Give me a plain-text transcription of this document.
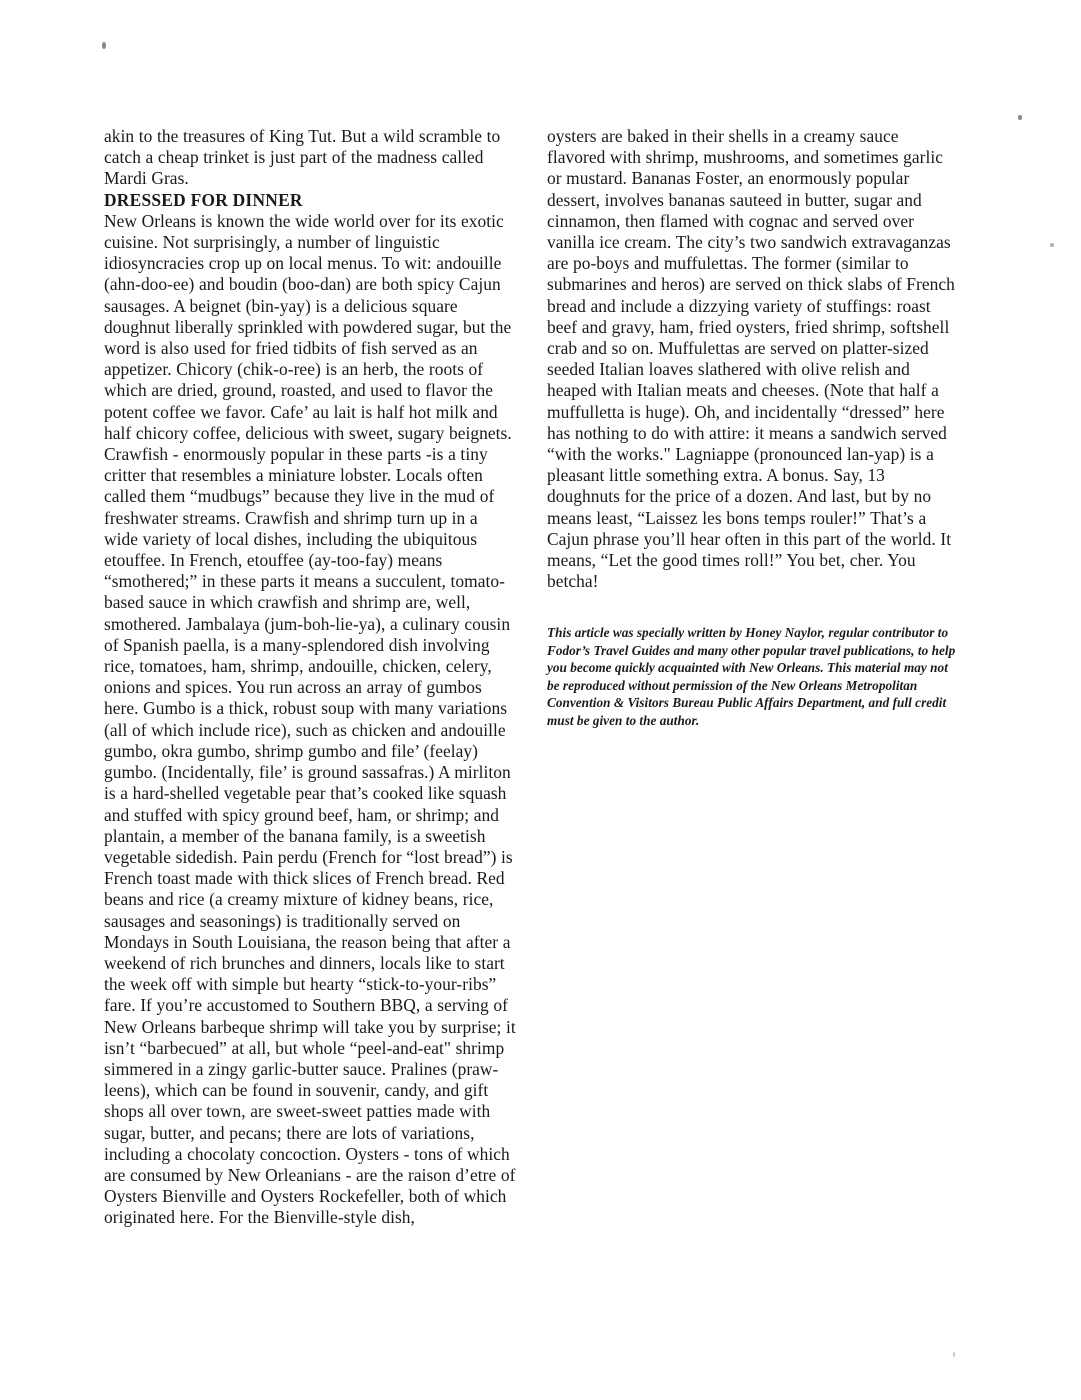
akin to the treasures of King Tut. But a wild scramble to catch a cheap trinket is just part of the madness called Mardi Gras.

DRESSED FOR DINNER

New Orleans is known the wide world over for its exotic cuisine. Not surprisingly, a number of linguistic idiosyncracies crop up on local menus. To wit: andouille (ahn-doo-ee) and boudin (boo-dan) are both spicy Cajun sausages. A beignet (bin-yay) is a delicious square doughnut liberally sprinkled with powdered sugar, but the word is also used for fried tidbits of fish served as an appetizer. Chicory (chik-o-ree) is an herb, the roots of which are dried, ground, roasted, and used to flavor the potent coffee we favor. Cafe’ au lait is half hot milk and half chicory coffee, delicious with sweet, sugary beignets. Crawfish - enormously popular in these parts -is a tiny critter that resembles a miniature lobster. Locals often called them “mudbugs” because they live in the mud of freshwater streams. Crawfish and shrimp turn up in a wide variety of local dishes, including the ubiquitous etouffee. In French, etouffee (ay-too-fay) means “smothered;” in these parts it means a succulent, tomato-based sauce in which crawfish and shrimp are, well, smothered. Jambalaya (jum-boh-lie-ya), a culinary cousin of Spanish paella, is a many-splendored dish involving rice, tomatoes, ham, shrimp, andouille, chicken, celery, onions and spices. You run across an array of gumbos here. Gumbo is a thick, robust soup with many variations (all of which include rice), such as chicken and andouille gumbo, okra gumbo, shrimp gumbo and file’ (feelay) gumbo. (Incidentally, file’ is ground sassafras.) A mirliton is a hard-shelled vegetable pear that’s cooked like squash and stuffed with spicy ground beef, ham, or shrimp; and plantain, a member of the banana family, is a sweetish vegetable sidedish. Pain perdu (French for “lost bread”) is French toast made with thick slices of French bread. Red beans and rice (a creamy mixture of kidney beans, rice, sausages and seasonings) is traditionally served on Mondays in South Louisiana, the reason being that after a weekend of rich brunches and dinners, locals like to start the week off with simple but hearty “stick-to-your-ribs” fare. If you’re accustomed to Southern BBQ, a serving of New Orleans barbeque shrimp will take you by surprise; it isn’t “barbecued” at all, but whole “peel-and-eat" shrimp simmered in a zingy garlic-butter sauce. Pralines (praw-leens), which can be found in souvenir, candy, and gift shops all over town, are sweet-sweet patties made with sugar, butter, and pecans; there are lots of variations, including a chocolaty concoction. Oysters - tons of which are consumed by New Orleanians - are the raison d’etre of Oysters Bienville and Oysters Rockefeller, both of which originated here. For the Bienville-style dish,

oysters are baked in their shells in a creamy sauce flavored with shrimp, mushrooms, and sometimes garlic or mustard. Bananas Foster, an enormously popular dessert, involves bananas sauteed in butter, sugar and cinnamon, then flamed with cognac and served over vanilla ice cream. The city’s two sandwich extravaganzas are po-boys and muffulettas. The former (similar to submarines and heros) are served on thick slabs of French bread and include a dizzying variety of stuffings: roast beef and gravy, ham, fried oysters, fried shrimp, softshell crab and so on. Muffulettas are served on platter-sized seeded Italian loaves slathered with olive relish and heaped with Italian meats and cheeses. (Note that half a muffulletta is huge). Oh, and incidentally “dressed” here has nothing to do with attire: it means a sandwich served “with the works." Lagniappe (pronounced lan-yap) is a pleasant little something extra. A bonus. Say, 13 doughnuts for the price of a dozen. And last, but by no means least, “Laissez les bons temps rouler!” That’s a Cajun phrase you’ll hear often in this part of the world. It means, “Let the good times roll!” You bet, cher. You betcha!

This article was specially written by Honey Naylor, regular contributor to Fodor’s Travel Guides and many other popular travel publications, to help you become quickly acquainted with New Orleans. This material may not be reproduced without permission of the New Orleans Metropolitan Convention & Visitors Bureau Public Affairs Department, and full credit must be given to the author.
